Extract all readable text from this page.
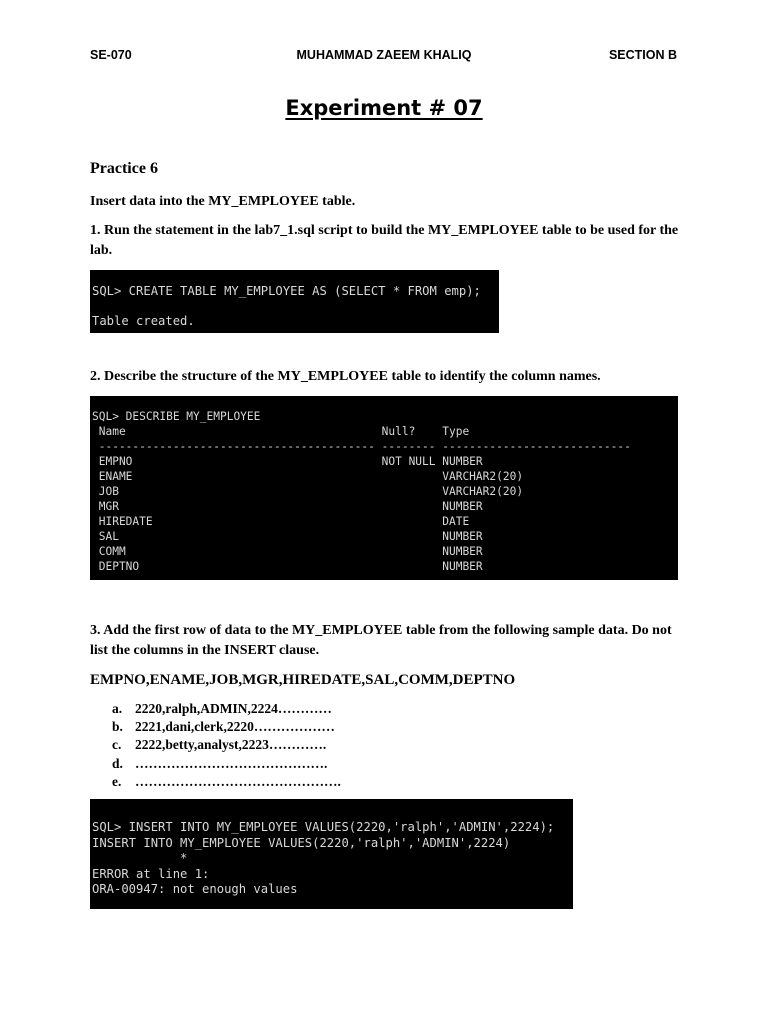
SE-070	MUHAMMAD ZAEEM KHALIQ	SECTION B
Experiment # 07
Practice 6
Insert data into the MY_EMPLOYEE table.
1. Run the statement in the lab7_1.sql script to build the MY_EMPLOYEE table to be used for the lab.
SQL> CREATE TABLE MY_EMPLOYEE AS (SELECT * FROM emp);
Table created.
2. Describe the structure of the MY_EMPLOYEE table to identify the column names.
SQL> DESCRIBE MY_EMPLOYEE
Name                                      Null?    Type
----------------------------------------- -------- ----------------------------
EMPNO                                     NOT NULL NUMBER
ENAME                                              VARCHAR2(20)
JOB                                                VARCHAR2(20)
MGR                                                NUMBER
HIREDATE                                           DATE
SAL                                                NUMBER
COMM                                               NUMBER
DEPTNO                                             NUMBER
3. Add the first row of data to the MY_EMPLOYEE table from the following sample data. Do not list the columns in the INSERT clause.
EMPNO,ENAME,JOB,MGR,HIREDATE,SAL,COMM,DEPTNO
a. 2220,ralph,ADMIN,2224…………
b. 2221,dani,clerk,2220………………
c.	2222,betty,analyst,2223………….
d. …………………………………….
e.	……………………………………….
SQL> INSERT INTO MY_EMPLOYEE VALUES(2220,'ralph','ADMIN',2224);
INSERT INTO MY_EMPLOYEE VALUES(2220,'ralph','ADMIN',2224)
*
ERROR at line 1:
ORA-00947: not enough values
